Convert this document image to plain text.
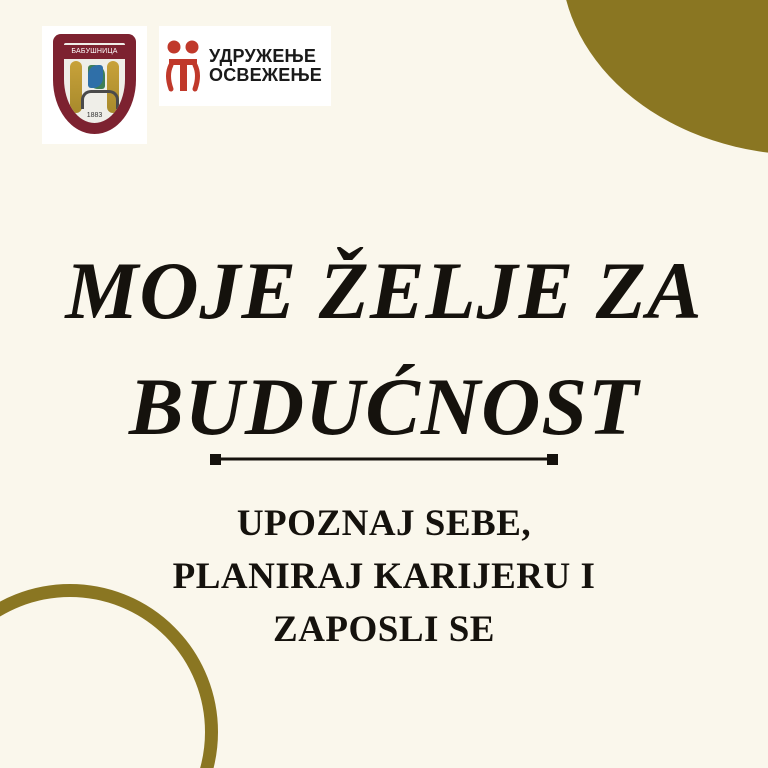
БАБУШНИЦА
1883
УДРУЖЕЊЕ
ОСВЕЖЕЊЕ
MOJE ŽELJE ZA
BUDUĆNOST
UPOZNAJ SEBE,
PLANIRAJ KARIJERU I
ZAPOSLI SE
